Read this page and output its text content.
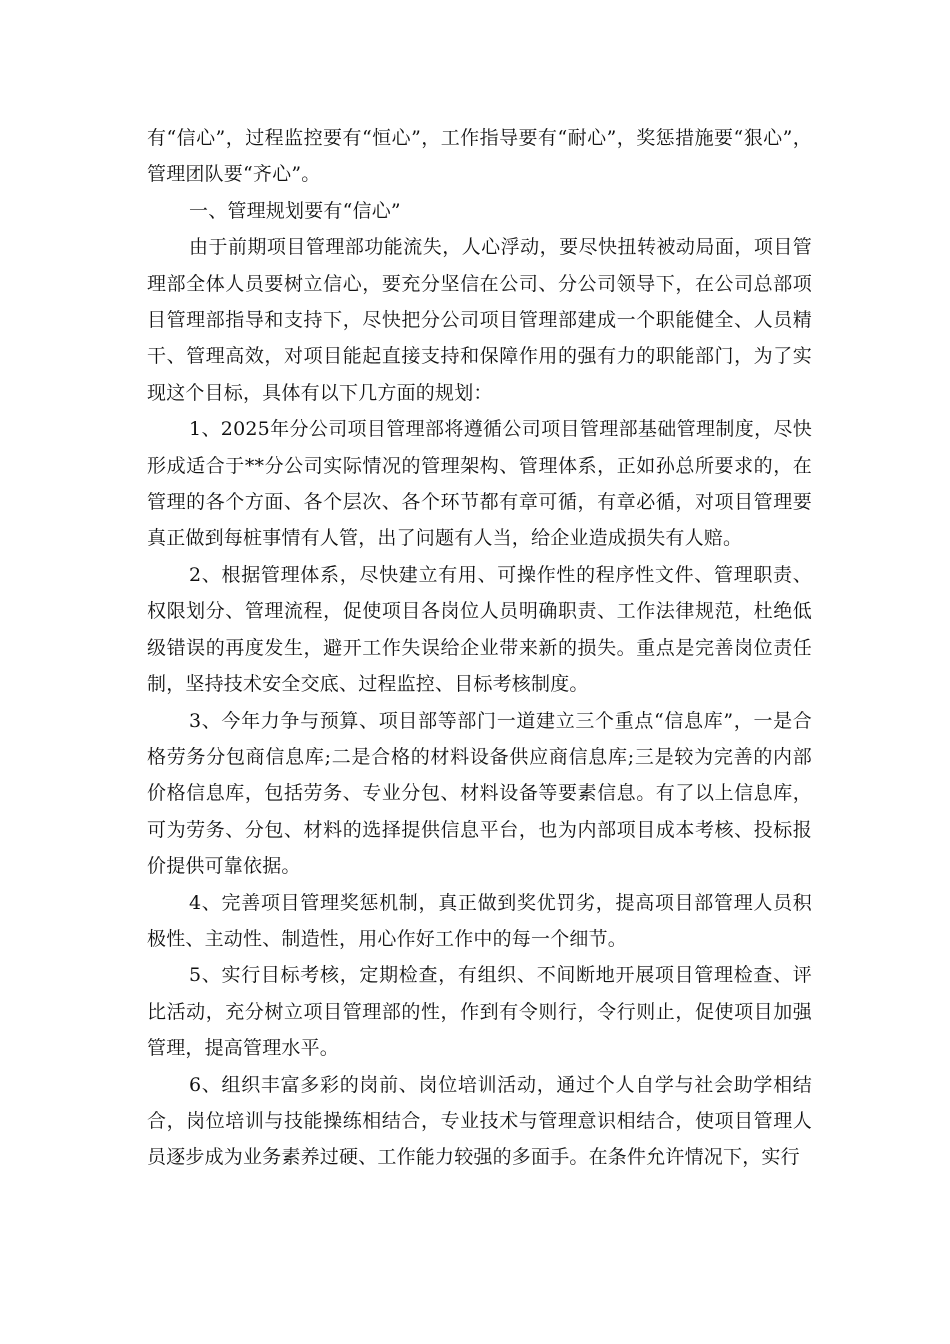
有“信心”，过程监控要有“恒心”，工作指导要有“耐心”，奖惩措施要“狠心”，管理团队要“齐心”。

一、管理规划要有“信心”

由于前期项目管理部功能流失，人心浮动，要尽快扭转被动局面，项目管理部全体人员要树立信心，要充分坚信在公司、分公司领导下，在公司总部项目管理部指导和支持下，尽快把分公司项目管理部建成一个职能健全、人员精干、管理高效，对项目能起直接支持和保障作用的强有力的职能部门，为了实现这个目标，具体有以下几方面的规划：

1、2025年分公司项目管理部将遵循公司项目管理部基础管理制度，尽快形成适合于**分公司实际情况的管理架构、管理体系，正如孙总所要求的，在管理的各个方面、各个层次、各个环节都有章可循，有章必循，对项目管理要真正做到每桩事情有人管，出了问题有人当，给企业造成损失有人赔。

2、根据管理体系，尽快建立有用、可操作性的程序性文件、管理职责、权限划分、管理流程，促使项目各岗位人员明确职责、工作法律规范，杜绝低级错误的再度发生，避开工作失误给企业带来新的损失。重点是完善岗位责任制，坚持技术安全交底、过程监控、目标考核制度。

3、今年力争与预算、项目部等部门一道建立三个重点“信息库”，一是合格劳务分包商信息库;二是合格的材料设备供应商信息库;三是较为完善的内部价格信息库，包括劳务、专业分包、材料设备等要素信息。有了以上信息库，可为劳务、分包、材料的选择提供信息平台，也为内部项目成本考核、投标报价提供可靠依据。

4、完善项目管理奖惩机制，真正做到奖优罚劣，提高项目部管理人员积极性、主动性、制造性，用心作好工作中的每一个细节。

5、实行目标考核，定期检查，有组织、不间断地开展项目管理检查、评比活动，充分树立项目管理部的性，作到有令则行，令行则止，促使项目加强管理，提高管理水平。

6、组织丰富多彩的岗前、岗位培训活动，通过个人自学与社会助学相结合，岗位培训与技能操练相结合，专业技术与管理意识相结合，使项目管理人员逐步成为业务素养过硬、工作能力较强的多面手。在条件允许情况下，实行
